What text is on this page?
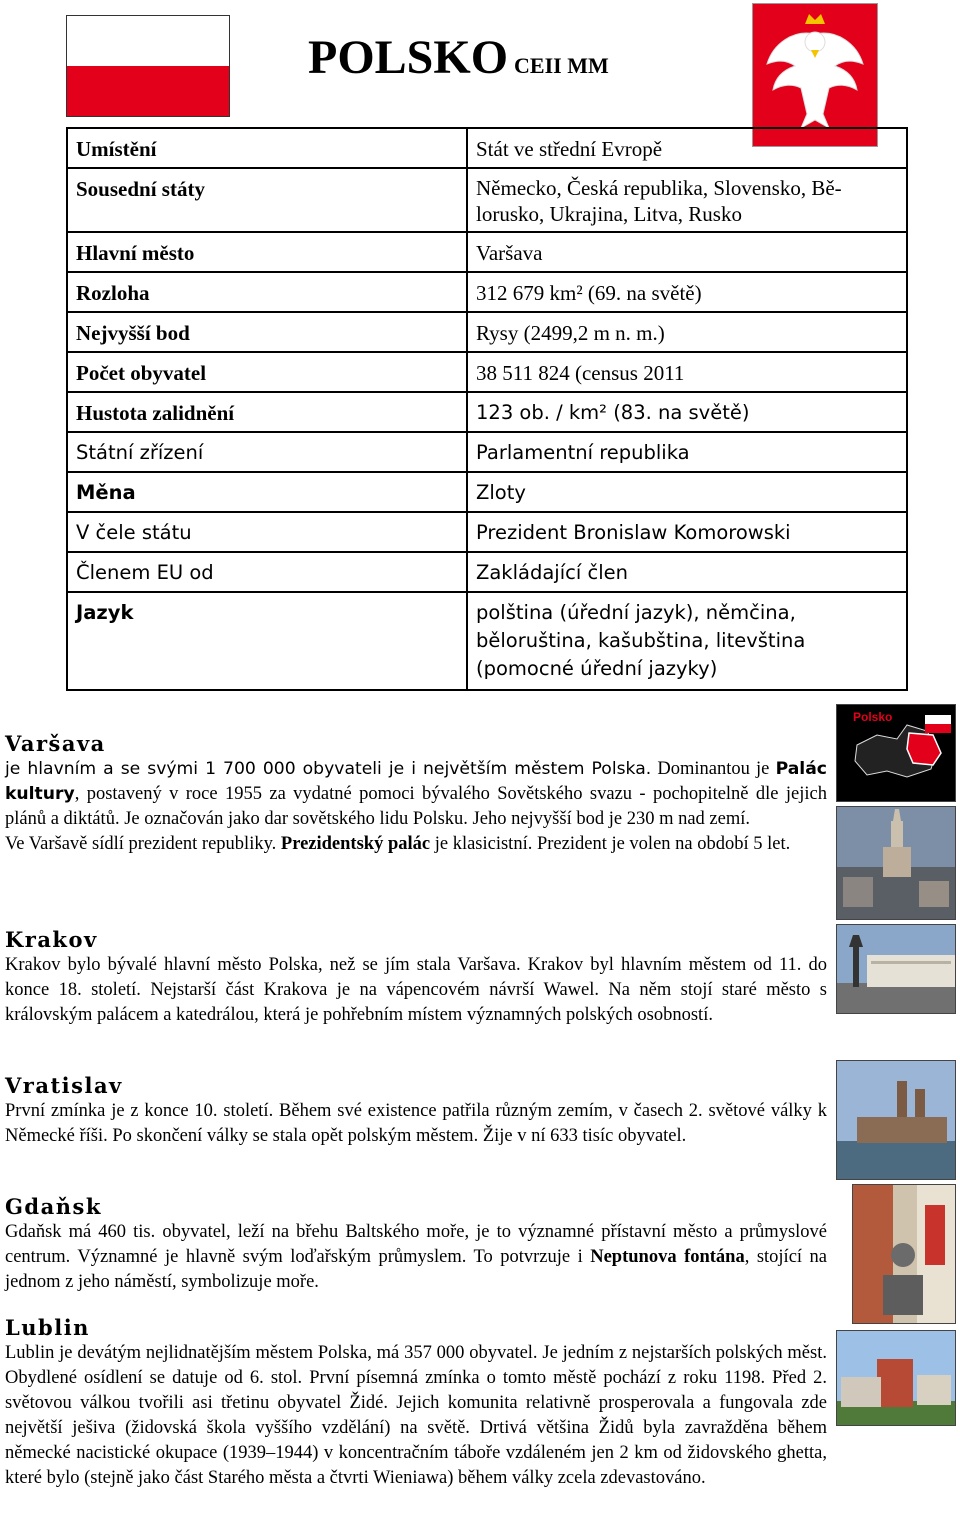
POLSKO CEII MM
Umístění	Stát ve střední Evropě
Sousední státy	Německo, Česká republika, Slovensko, Bě-lorusko, Ukrajina, Litva, Rusko
Hlavní město	Varšava
Rozloha	312 679 km² (69. na světě)
Nejvyšší bod	Rysy (2499,2 m n. m.)
Počet obyvatel	38 511 824 (census 2011
Hustota zalidnění	123 ob. / km² (83. na světě)
Státní zřízení	Parlamentní republika
Měna	Zloty
V čele státu	Prezident Bronislaw Komorowski
Členem EU od	Zakládající člen
Jazyk	polština (úřední jazyk), němčina, běloruština, kašubština, litevština (pomocné úřední jazyky)
Polsko
Varšava

je hlavním a se svými 1 700 000 obyvateli je i největším městem Polska. Dominantou je Palác kultury, postavený v roce 1955 za vydatné pomoci bývalého Sovětského svazu - pochopitelně dle jejich plánů a diktátů. Je označován jako dar sovětského lidu Polsku. Jeho nejvyšší bod je 230 m nad zemí.

Ve Varšavě sídlí prezident republiky. Prezidentský palác je klasicistní. Prezident je volen na období 5 let.

Krakov

Krakov bylo bývalé hlavní město Polska, než se jím stala Varšava. Krakov byl hlavním městem od 11. do konce 18. století. Nejstarší část Krakova je na vápencovém návrší Wawel. Na něm stojí staré město s královským palácem a katedrálou, která je pohřebním místem významných polských osobností.

Vratislav

První zmínka je z konce 10. století. Během své existence patřila různým zemím, v časech 2. světové války k Německé říši. Po skončení války se stala opět polským městem. Žije v ní 633 tisíc obyvatel.

Gdaňsk

Gdaňsk má 460 tis. obyvatel, leží na břehu Baltského moře, je to významné přístavní město a průmyslové centrum. Významné je hlavně svým loďařským průmyslem. To potvrzuje i Neptunova fontána, stojící na jednom z jeho náměstí, symbolizuje moře.

Lublin

Lublin je devátým nejlidnatějším městem Polska, má 357 000 obyvatel. Je jedním z nejstarších polských měst. Obydlené osídlení se datuje od 6. stol. První písemná zmínka o tomto městě pochází z roku 1198. Před 2. světovou válkou tvořili asi třetinu obyvatel Židé. Jejich komunita relativně prosperovala a fungovala zde největší ješiva (židovská škola vyššího vzdělání) na světě. Drtivá většina Židů byla zavražděna během německé nacistické okupace (1939–1944) v koncentračním táboře vzdáleném jen 2 km od židovského ghetta, které bylo (stejně jako část Starého města a čtvrti Wieniawa) během války zcela zdevastováno.
